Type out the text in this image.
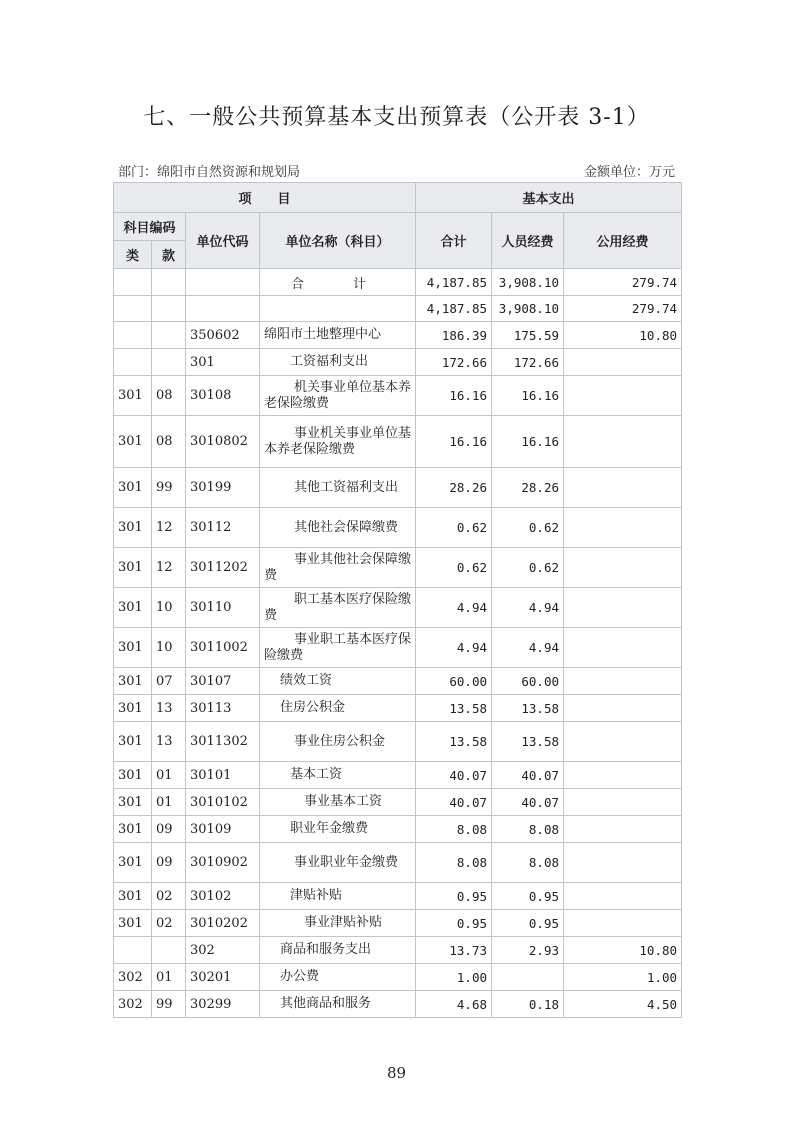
七、一般公共预算基本支出预算表（公开表 3-1）
部门：绵阳市自然资源和规划局	金额单位：万元
项　　目				基本支出		
科目编码		单位代码	单位名称（科目）	合计	人员经费	公用经费
类	款					
			合　计	4,187.85	3,908.10	279.74
				4,187.85	3,908.10	279.74
		350602	绵阳市土地整理中心	186.39	175.59	10.80
		301	工资福利支出	172.66	172.66	
301	08	30108	机关事业单位基本养老保险缴费	16.16	16.16	
301	08	3010802	事业机关事业单位基本养老保险缴费	16.16	16.16	
301	99	30199	其他工资福利支出	28.26	28.26	
301	12	30112	其他社会保障缴费	0.62	0.62	
301	12	3011202	事业其他社会保障缴费	0.62	0.62	
301	10	30110	职工基本医疗保险缴费	4.94	4.94	
301	10	3011002	事业职工基本医疗保险缴费	4.94	4.94	
301	07	30107	绩效工资	60.00	60.00	
301	13	30113	住房公积金	13.58	13.58	
301	13	3011302	事业住房公积金	13.58	13.58	
301	01	30101	基本工资	40.07	40.07	
301	01	3010102	事业基本工资	40.07	40.07	
301	09	30109	职业年金缴费	8.08	8.08	
301	09	3010902	事业职业年金缴费	8.08	8.08	
301	02	30102	津贴补贴	0.95	0.95	
301	02	3010202	事业津贴补贴	0.95	0.95	
		302	商品和服务支出	13.73	2.93	10.80
302	01	30201	办公费	1.00		1.00
302	99	30299	其他商品和服务	4.68	0.18	4.50
89
